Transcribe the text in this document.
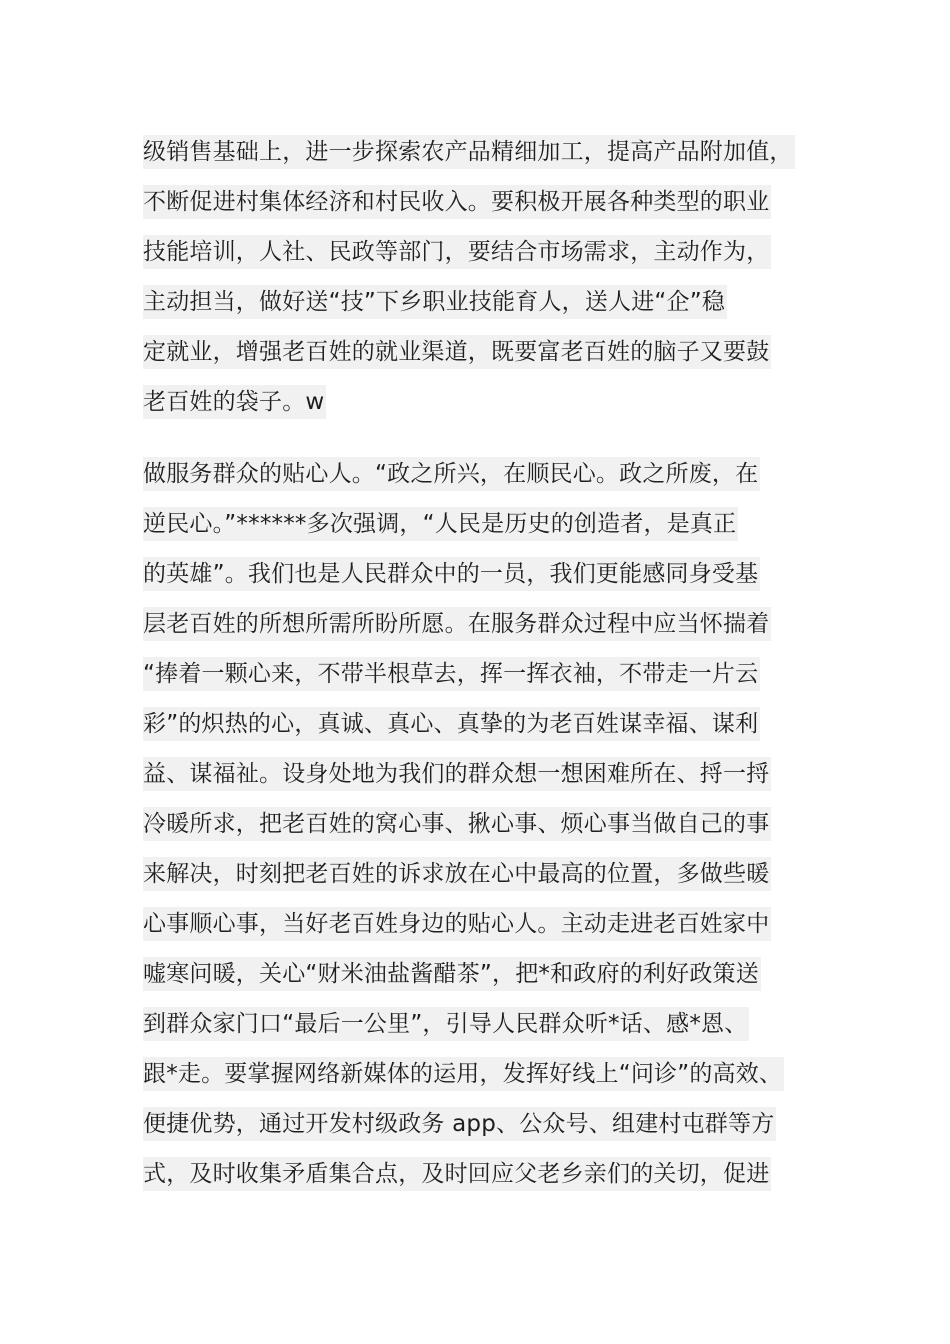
级销售基础上，进一步探索农产品精细加工，提高产品附加值，
不断促进村集体经济和村民收入。要积极开展各种类型的职业
技能培训，人社、民政等部门，要结合市场需求，主动作为，
主动担当，做好送“技”下乡职业技能育人，送人进“企”稳
定就业，增强老百姓的就业渠道，既要富老百姓的脑子又要鼓
老百姓的袋子。w
做服务群众的贴心人。“政之所兴，在顺民心。政之所废，在
逆民心。”******多次强调，“人民是历史的创造者，是真正
的英雄”。我们也是人民群众中的一员，我们更能感同身受基
层老百姓的所想所需所盼所愿。在服务群众过程中应当怀揣着
“捧着一颗心来，不带半根草去，挥一挥衣袖，不带走一片云
彩”的炽热的心，真诚、真心、真挚的为老百姓谋幸福、谋利
益、谋福祉。设身处地为我们的群众想一想困难所在、捋一捋
冷暖所求，把老百姓的窝心事、揪心事、烦心事当做自己的事
来解决，时刻把老百姓的诉求放在心中最高的位置，多做些暖
心事顺心事，当好老百姓身边的贴心人。主动走进老百姓家中
嘘寒问暖，关心“财米油盐酱醋茶”，把*和政府的利好政策送
到群众家门口“最后一公里”，引导人民群众听*话、感*恩、
跟*走。要掌握网络新媒体的运用，发挥好线上“问诊”的高效、
便捷优势，通过开发村级政务 app、公众号、组建村屯群等方
式，及时收集矛盾集合点，及时回应父老乡亲们的关切，促进
